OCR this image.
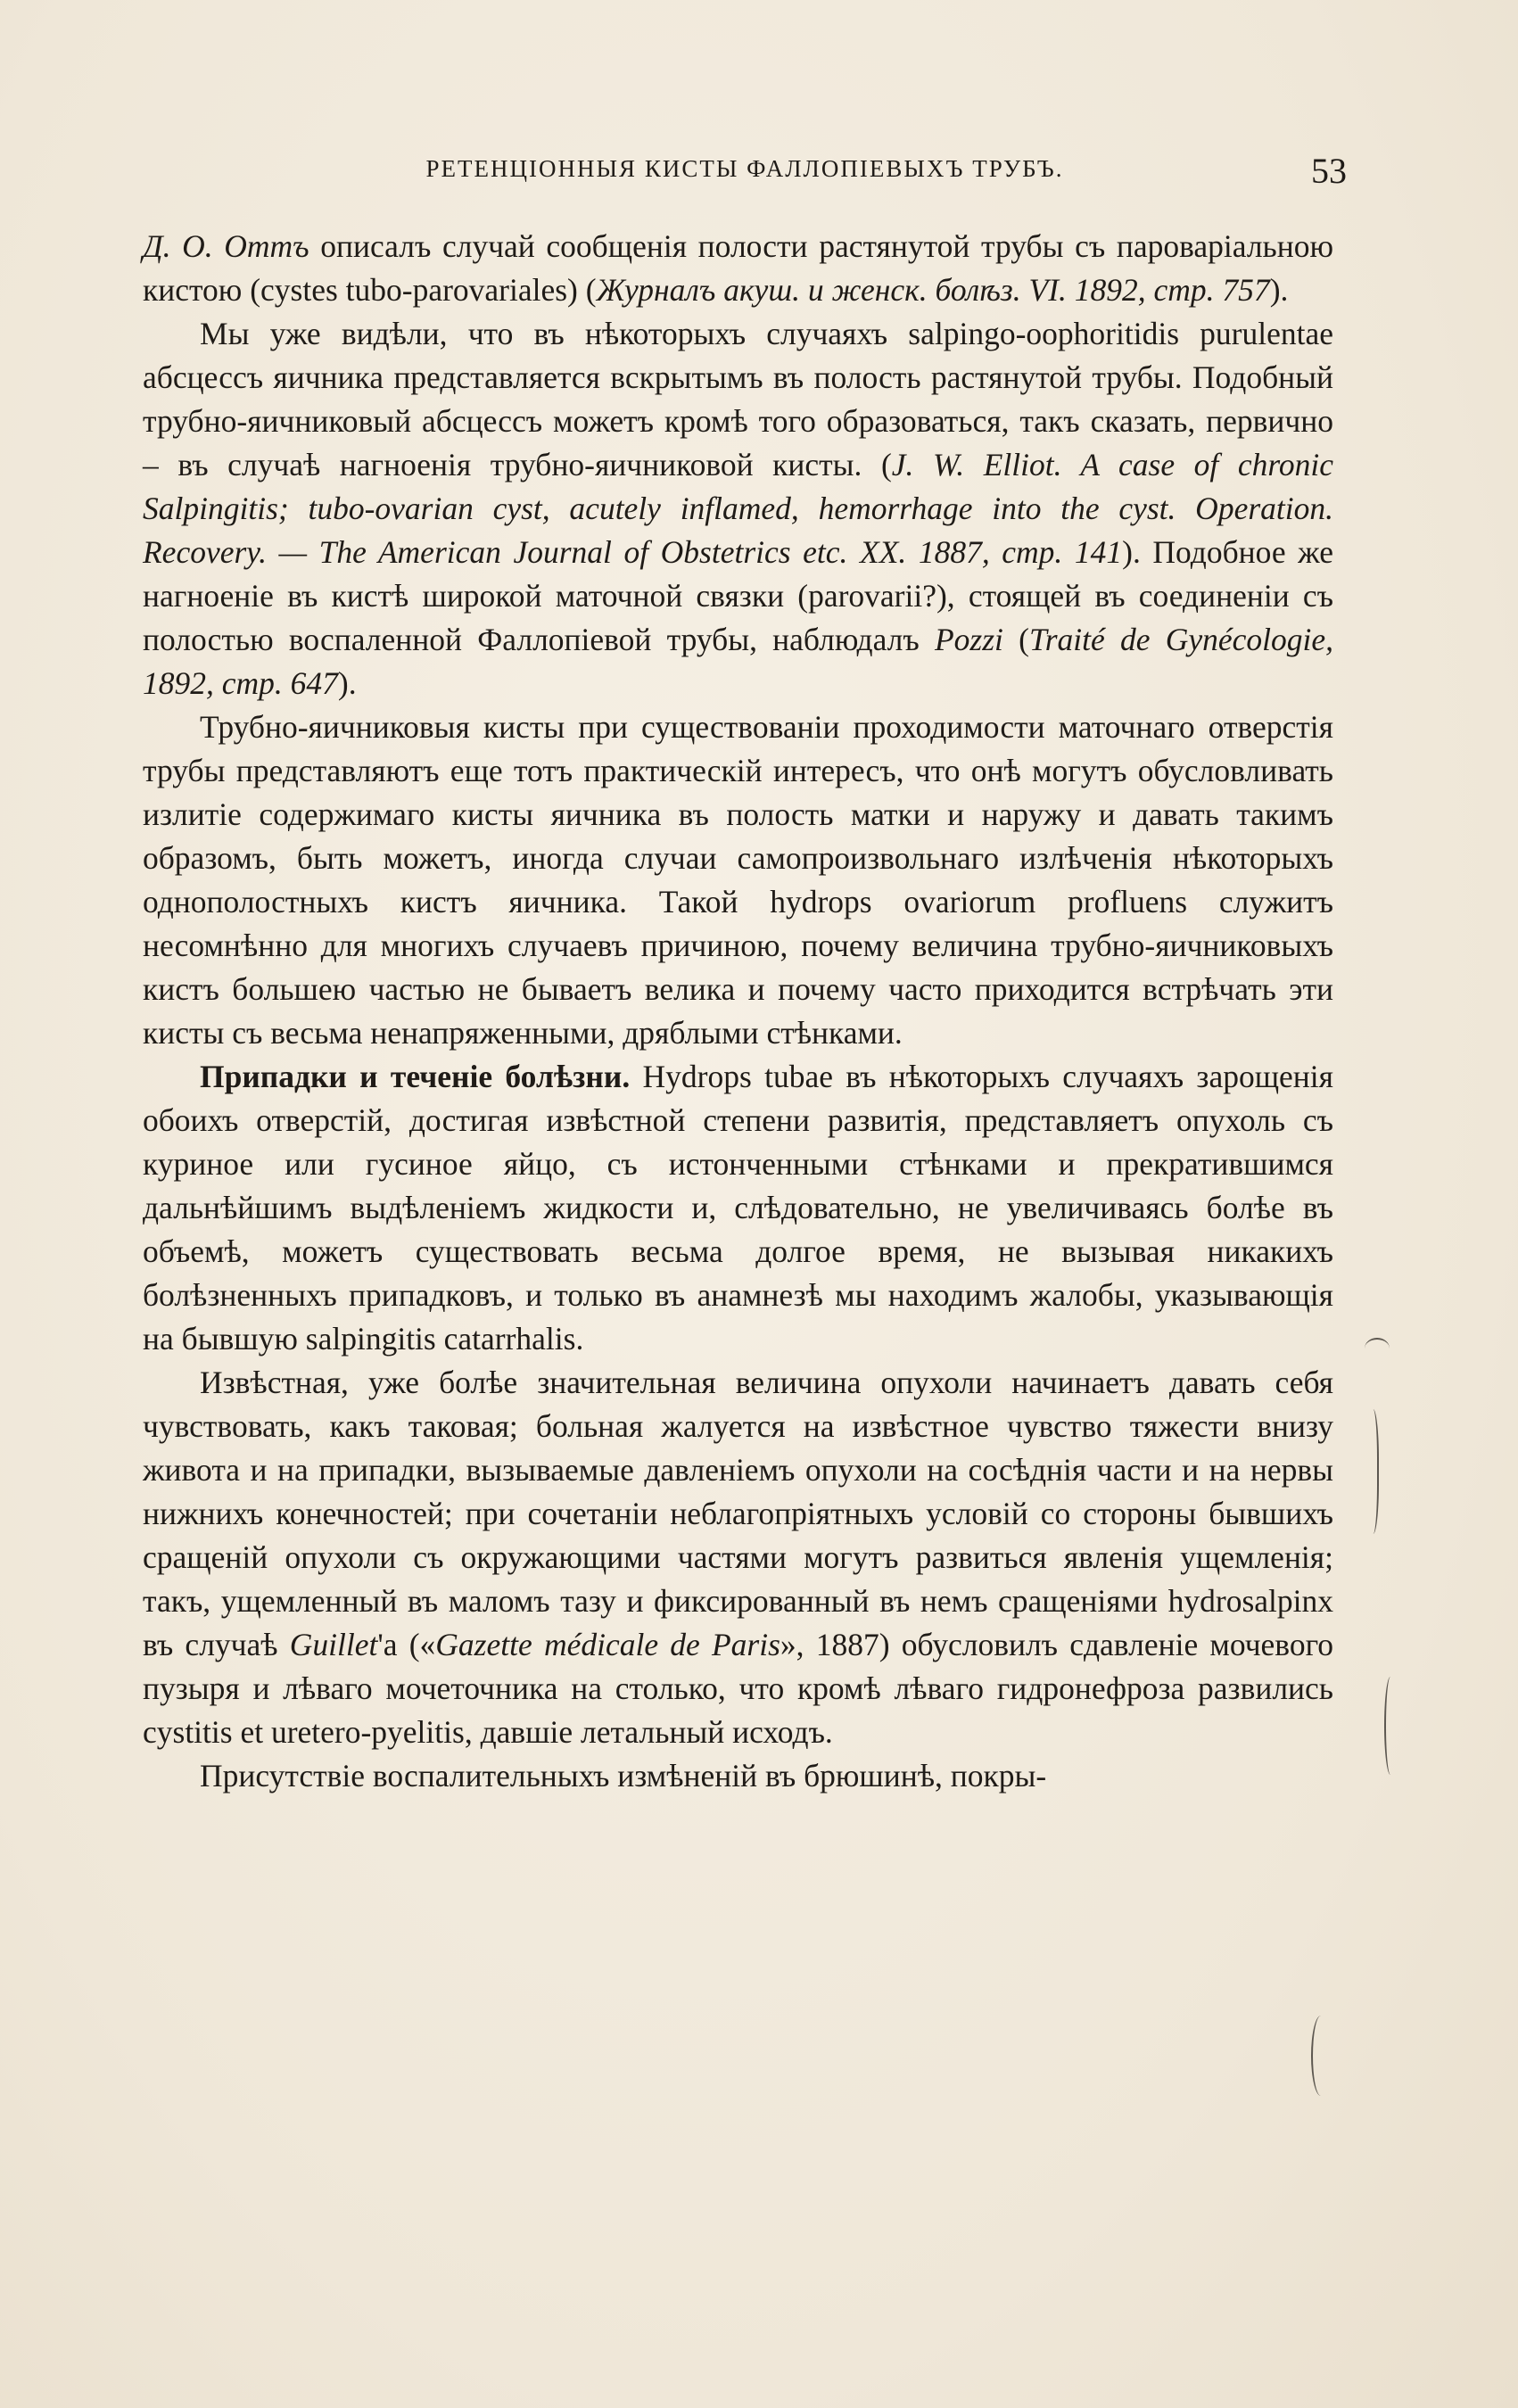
РЕТЕНЦІОННЫЯ КИСТЫ ФАЛЛОПІЕВЫХЪ ТРУБЪ.	53

Д. О. Оттъ описалъ случай сообщенія полости растянутой трубы съ пароваріальною кистою (cystes tubo-parovariales) (Журналъ акуш. и женск. болѣз. VI. 1892, стр. 757).

Мы уже видѣли, что въ нѣкоторыхъ случаяхъ salpingo-oophoritidis purulentae абсцессъ яичника представляется вскрытымъ въ полость растянутой трубы. Подобный трубно-яичниковый абсцессъ можетъ кромѣ того образоваться, такъ сказать, первично – въ случаѣ нагноенія трубно-яичниковой кисты. (J. W. Elliot. A case of chronic Salpingitis; tubo-ovarian cyst, acutely inflamed, hemorrhage into the cyst. Operation. Recovery. — The American Journal of Obstetrics etc. XX. 1887, стр. 141). Подобное же нагноеніе въ кистѣ широкой маточной связки (parovarii?), стоящей въ соединеніи съ полостью воспаленной Фаллопіевой трубы, наблюдалъ Pozzi (Traité de Gynécologie, 1892, стр. 647).

Трубно-яичниковыя кисты при существованіи проходимости маточнаго отверстія трубы представляютъ еще тотъ практическій интересъ, что онѣ могутъ обусловливать излитіе содержимаго кисты яичника въ полость матки и наружу и давать такимъ образомъ, быть можетъ, иногда случаи самопроизвольнаго излѣченія нѣкоторыхъ однополостныхъ кистъ яичника. Такой hydrops ovariorum profluens служитъ несомнѣнно для многихъ случаевъ причиною, почему величина трубно-яичниковыхъ кистъ большею частью не бываетъ велика и почему часто приходится встрѣчать эти кисты съ весьма ненапряженными, дряблыми стѣнками.

Припадки и теченіе болѣзни. Hydrops tubae въ нѣкоторыхъ случаяхъ зарощенія обоихъ отверстій, достигая извѣстной степени развитія, представляетъ опухоль съ куриное или гусиное яйцо, съ истонченными стѣнками и прекратившимся дальнѣйшимъ выдѣленіемъ жидкости и, слѣдовательно, не увеличиваясь болѣе въ объемѣ, можетъ существовать весьма долгое время, не вызывая никакихъ болѣзненныхъ припадковъ, и только въ анамнезѣ мы находимъ жалобы, указывающія на бывшую salpingitis catarrhalis.

Извѣстная, уже болѣе значительная величина опухоли начинаетъ давать себя чувствовать, какъ таковая; больная жалуется на извѣстное чувство тяжести внизу живота и на припадки, вызываемые давленіемъ опухоли на сосѣднія части и на нервы нижнихъ конечностей; при сочетаніи неблагопріятныхъ условій со стороны бывшихъ сращеній опухоли съ окружающими частями могутъ развиться явленія ущемленія; такъ, ущемленный въ маломъ тазу и фиксированный въ немъ сращеніями hydrosalpinx въ случаѣ Guillet'а («Gazette médicale de Paris», 1887) обусловилъ сдавленіе мочевого пузыря и лѣваго мочеточника на столько, что кромѣ лѣваго гидронефроза развились cystitis et uretero-pyelitis, давшіе летальный исходъ.

Присутствіе воспалительныхъ измѣненій въ брюшинѣ, покры-
